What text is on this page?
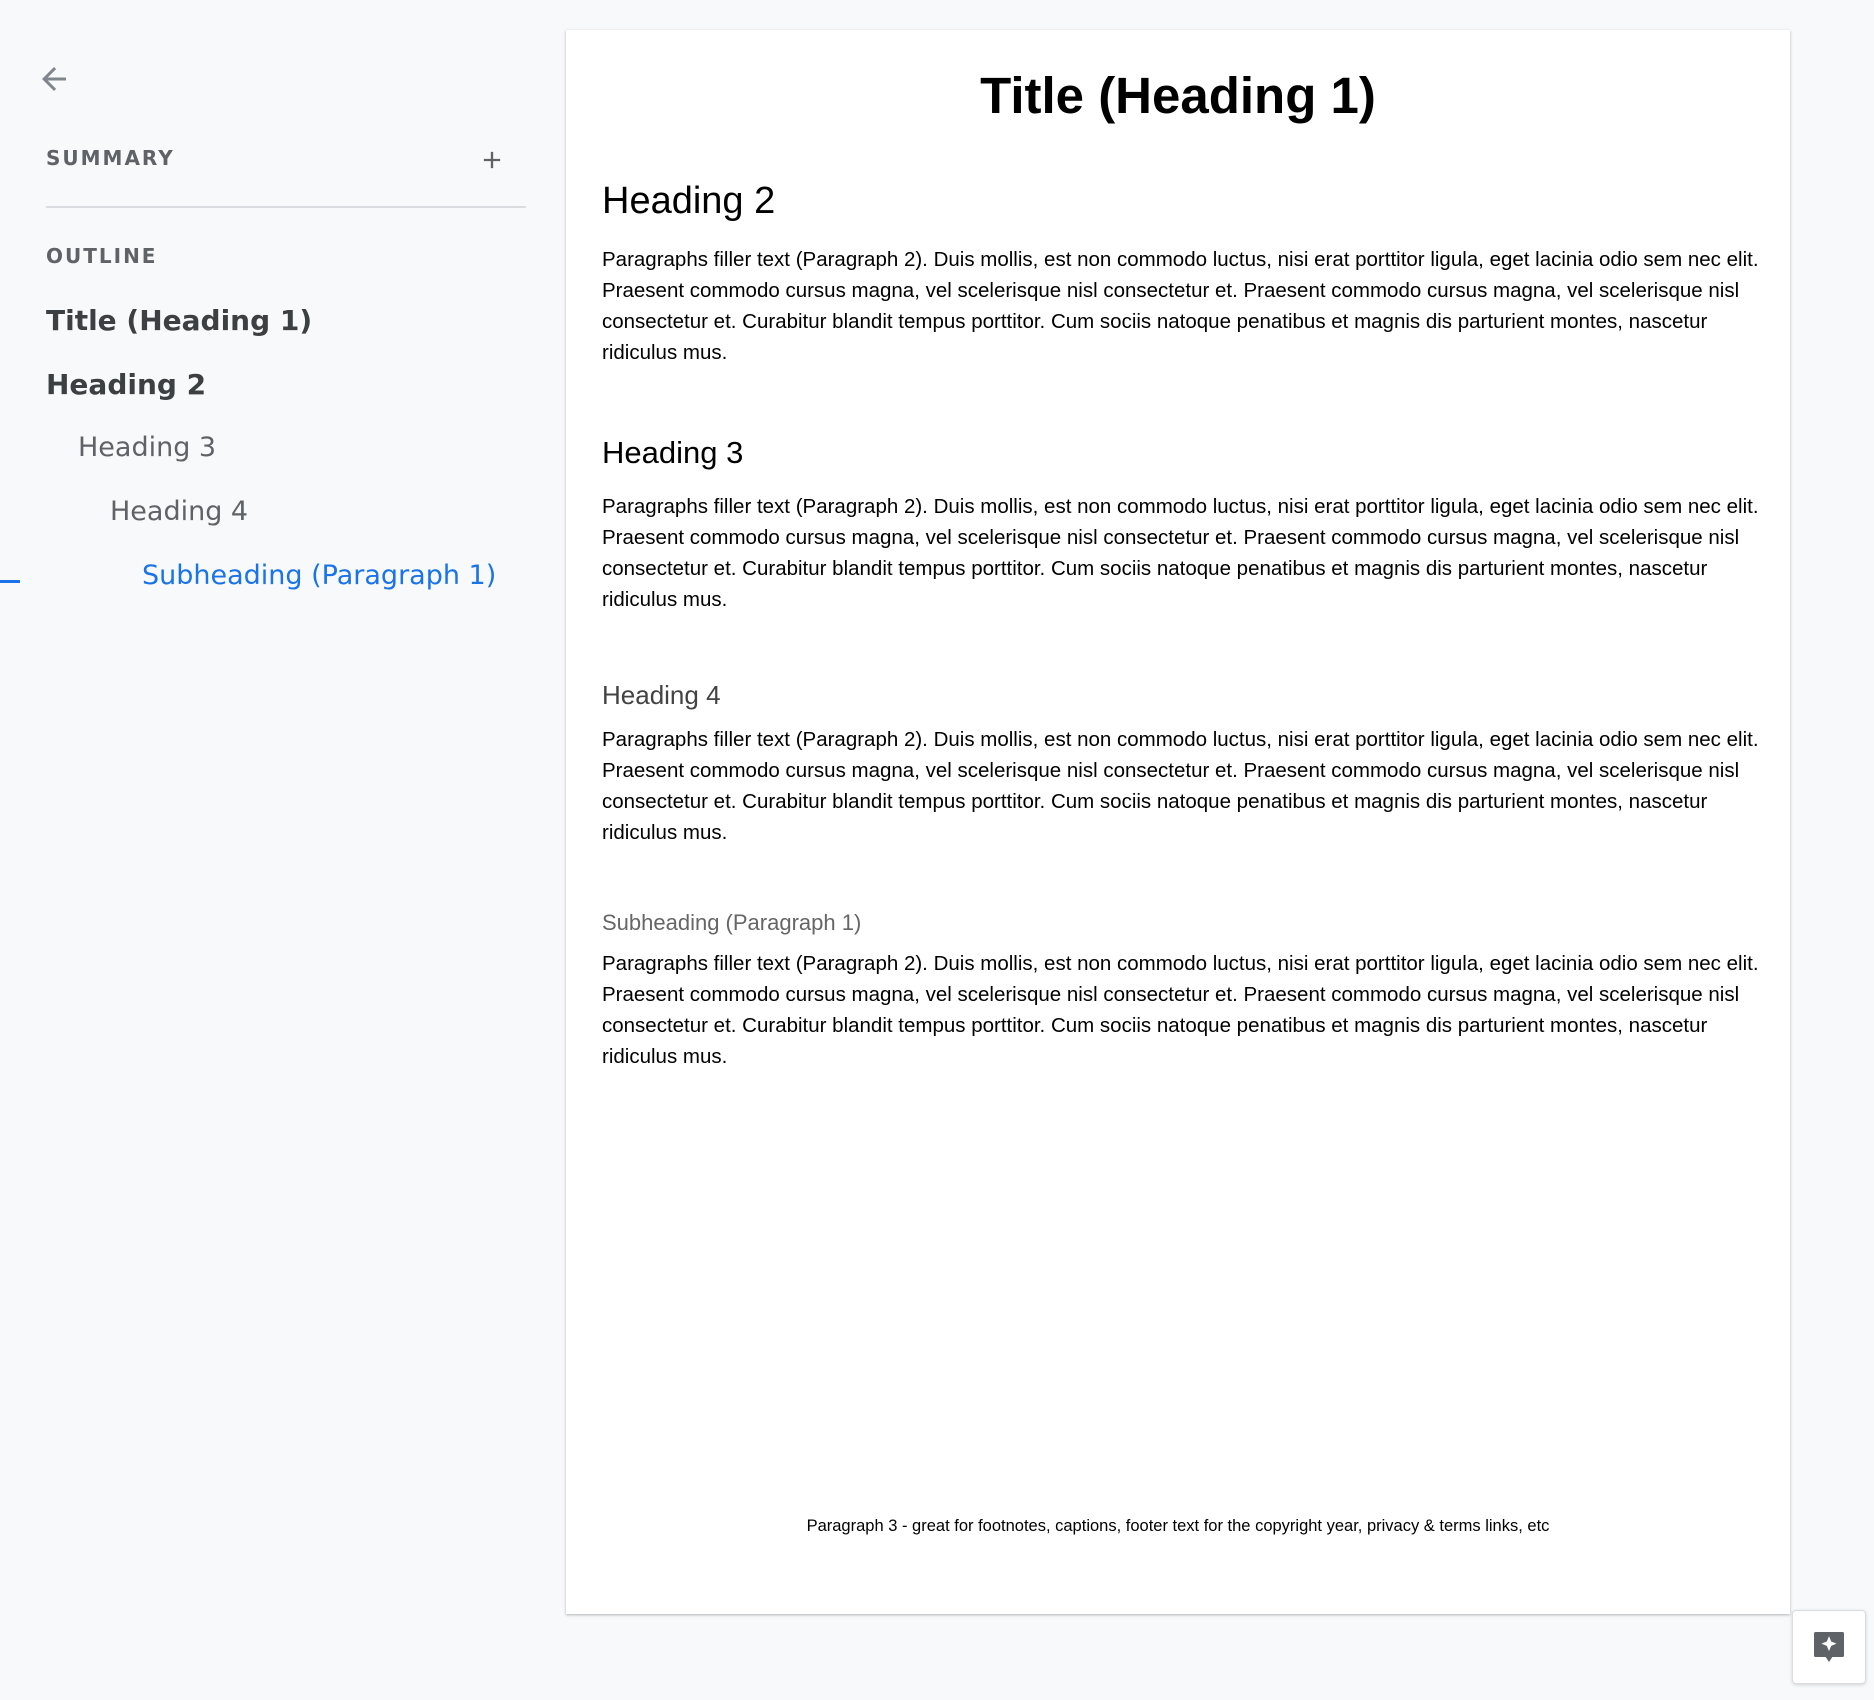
SUMMARY
OUTLINE
Title (Heading 1)
Heading 2
Heading 3
Heading 4
Subheading (Paragraph 1)
Title (Heading 1)
Heading 2

Paragraphs filler text (Paragraph 2). Duis mollis, est non commodo luctus, nisi erat porttitor ligula, eget lacinia odio sem nec elit. Praesent commodo cursus magna, vel scelerisque nisl consectetur et. Praesent commodo cursus magna, vel scelerisque nisl consectetur et. Curabitur blandit tempus porttitor. Cum sociis natoque penatibus et magnis dis parturient montes, nascetur ridiculus mus.

Heading 3

Paragraphs filler text (Paragraph 2). Duis mollis, est non commodo luctus, nisi erat porttitor ligula, eget lacinia odio sem nec elit. Praesent commodo cursus magna, vel scelerisque nisl consectetur et. Praesent commodo cursus magna, vel scelerisque nisl consectetur et. Curabitur blandit tempus porttitor. Cum sociis natoque penatibus et magnis dis parturient montes, nascetur ridiculus mus.

Heading 4

Paragraphs filler text (Paragraph 2). Duis mollis, est non commodo luctus, nisi erat porttitor ligula, eget lacinia odio sem nec elit. Praesent commodo cursus magna, vel scelerisque nisl consectetur et. Praesent commodo cursus magna, vel scelerisque nisl consectetur et. Curabitur blandit tempus porttitor. Cum sociis natoque penatibus et magnis dis parturient montes, nascetur ridiculus mus.

Subheading (Paragraph 1)

Paragraphs filler text (Paragraph 2). Duis mollis, est non commodo luctus, nisi erat porttitor ligula, eget lacinia odio sem nec elit. Praesent commodo cursus magna, vel scelerisque nisl consectetur et. Praesent commodo cursus magna, vel scelerisque nisl consectetur et. Curabitur blandit tempus porttitor. Cum sociis natoque penatibus et magnis dis parturient montes, nascetur ridiculus mus.

Paragraph 3 - great for footnotes, captions, footer text for the copyright year, privacy & terms links, etc
